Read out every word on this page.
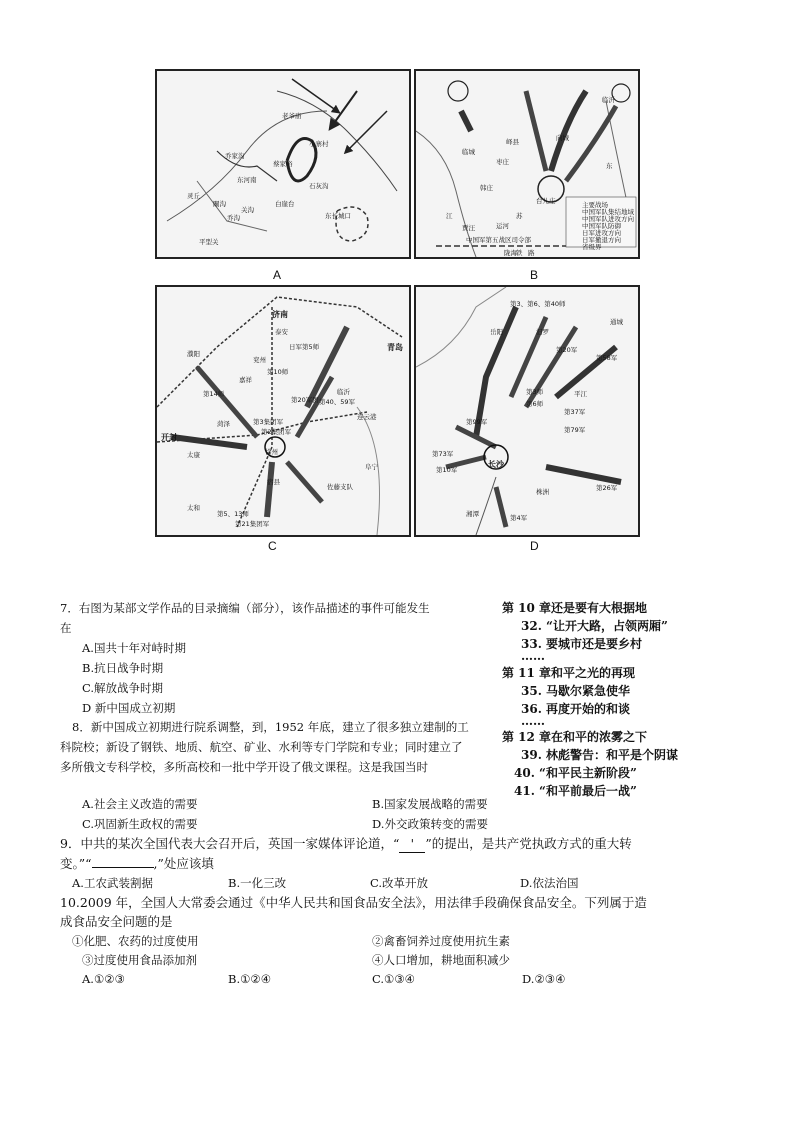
老爷庙
小寨村
蔡家峪
乔家沟
石灰沟
东河南
灵丘
關沟	白崖台
关沟
乔沟	东长城口
平型关
A
临沂
枣庄
向城
峄县
临城
韩庄
台儿庄
贾汪
陇海 铁 路
江	苏
东
运河
中国军第五战区司令部
主要战场
中国军队集结地域
中国军队进攻方向
中国军队防御
日军进攻方向
日军撤退方向
省级界
B
济南
青岛
泰安
兖州
临沂
连云港
徐州
开封
太康
太和
宿县
阜宁
佐藤支队
第5、13师
第21集团军
第2集团军
第20军团
日军第5师
第10师
第14师
第3集团军
第40、59军
菏泽
濮阳
嘉祥
C
第3、第6、第40师
第20军
第58军
第37军
第79军
第4军
第26军
第10军
第99军
第73军
第6师
第3师
长沙
岳阳
平江
湘潭
株洲
汨罗
通城
D
7．右图为某部文学作品的目录摘编（部分），该作品描述的事件可能发生
在
A.国共十年对峙时期
B.抗日战争时期
C.解放战争时期
D 新中国成立初期
第 10 章还是要有大根据地
32. “让开大路，占领两厢”
33. 要城市还是要乡村
……
第 11 章和平之光的再现
35. 马歇尔紧急使华
36. 再度开始的和谈
……
第 12 章在和平的浓雾之下
39. 林彪警告：和平是个阴谋
40. “和平民主新阶段”
41. “和平前最后一战”
8．新中国成立初期进行院系调整，到，1952 年底，建立了很多独立建制的工
科院校；新设了钢铁、地质、航空、矿业、水利等专门学院和专业；同时建立了
多所俄文专科学校，多所高校和一批中学开设了俄文课程。这是我国当时
A.社会主义改造的需要	B.国家发展战略的需要
C.巩固新生政权的需要	D.外交政策转变的需要
9．中共的某次全国代表大会召开后，英国一家媒体评论道，“ ' ”的提出，是共产党执政方式的重大转
变。”“	,”处应该填
A.工农武装割据	B.一化三改	C.改革开放	D.依法治国
10.2009 年，全国人大常委会通过《中华人民共和国食品安全法》，用法律手段确保食品安全。下列属于造
成食品安全问题的是
①化肥、农药的过度使用	②禽畜饲养过度使用抗生素
③过度使用食品添加剂	④人口增加，耕地面积减少
A.①②③	B.①②④	C.①③④	D.②③④
